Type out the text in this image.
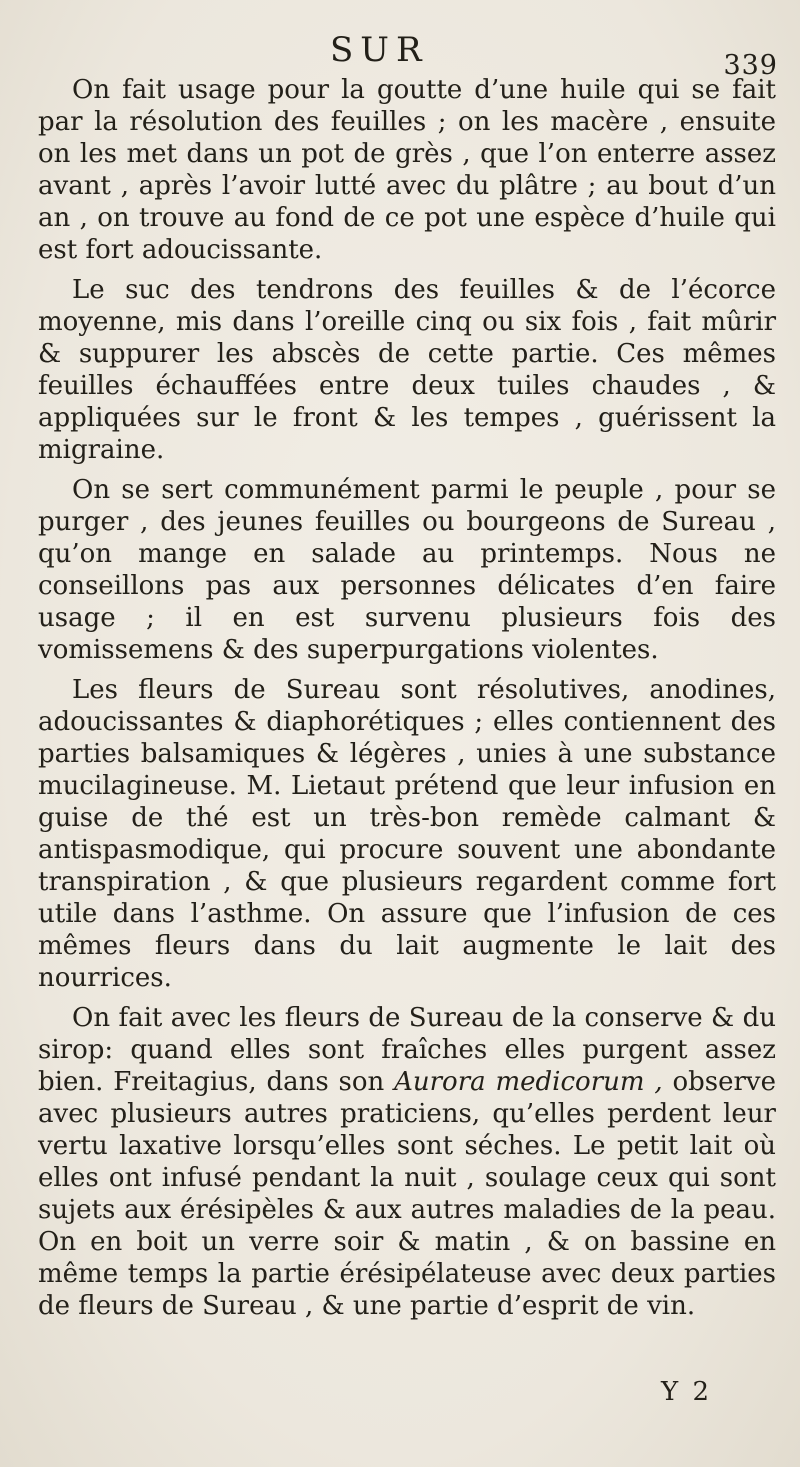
SUR	339

On fait usage pour la goutte d’une huile qui se fait par la résolution des feuilles ; on les macère , ensuite on les met dans un pot de grès , que l’on enterre assez avant , après l’avoir lutté avec du plâtre ; au bout d’un an , on trouve au fond de ce pot une espèce d’huile qui est fort adoucissante.

Le suc des tendrons des feuilles & de l’écorce moyenne, mis dans l’oreille cinq ou six fois , fait mûrir & suppurer les abscès de cette partie. Ces mêmes feuilles échauffées entre deux tuiles chaudes , & appliquées sur le front & les tempes , guérissent la migraine.

On se sert communément parmi le peuple , pour se purger , des jeunes feuilles ou bourgeons de Sureau , qu’on mange en salade au printemps. Nous ne conseillons pas aux personnes délicates d’en faire usage ; il en est survenu plusieurs fois des vomissemens & des superpurgations violentes.

Les fleurs de Sureau sont résolutives, anodines, adoucissantes & diaphorétiques ; elles contiennent des parties balsamiques & légères , unies à une substance mucilagineuse. M. Lietaut prétend que leur infusion en guise de thé est un très-bon remède calmant & antispasmodique, qui procure souvent une abondante transpiration , & que plusieurs regardent comme fort utile dans l’asthme. On assure que l’infusion de ces mêmes fleurs dans du lait augmente le lait des nourrices.

On fait avec les fleurs de Sureau de la conserve & du sirop: quand elles sont fraîches elles purgent assez bien. Freitagius, dans son Aurora medicorum , observe avec plusieurs autres praticiens, qu’elles perdent leur vertu laxative lorsqu’elles sont séches. Le petit lait où elles ont infusé pendant la nuit , soulage ceux qui sont sujets aux érésipèles & aux autres maladies de la peau. On en boit un verre soir & matin , & on bassine en même temps la partie érésipélateuse avec deux parties de fleurs de Sureau , & une partie d’esprit de vin.

Y 2
